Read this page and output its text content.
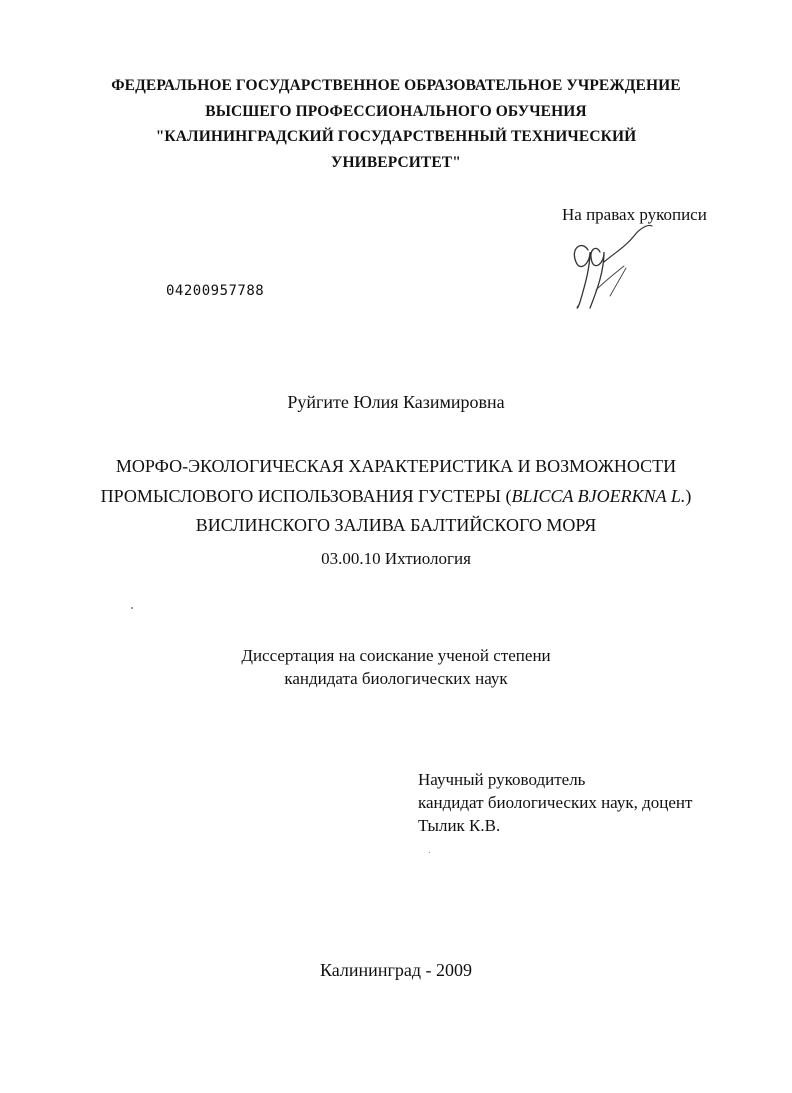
ФЕДЕРАЛЬНОЕ ГОСУДАРСТВЕННОЕ ОБРАЗОВАТЕЛЬНОЕ УЧРЕЖДЕНИЕ
ВЫСШЕГО ПРОФЕССИОНАЛЬНОГО ОБУЧЕНИЯ
"КАЛИНИНГРАДСКИЙ ГОСУДАРСТВЕННЫЙ ТЕХНИЧЕСКИЙ
УНИВЕРСИТЕТ"
На правах рукописи
04200957788
Руйгите Юлия Казимировна
МОРФО-ЭКОЛОГИЧЕСКАЯ ХАРАКТЕРИСТИКА И ВОЗМОЖНОСТИ
ПРОМЫСЛОВОГО ИСПОЛЬЗОВАНИЯ ГУСТЕРЫ (BLICCA BJOERKNA L.)
ВИСЛИНСКОГО ЗАЛИВА БАЛТИЙСКОГО МОРЯ
03.00.10 Ихтиология
Диссертация на соискание ученой степени
кандидата биологических наук
Научный руководитель
кандидат биологических наук, доцент
Тылик К.В.
Калининград - 2009
